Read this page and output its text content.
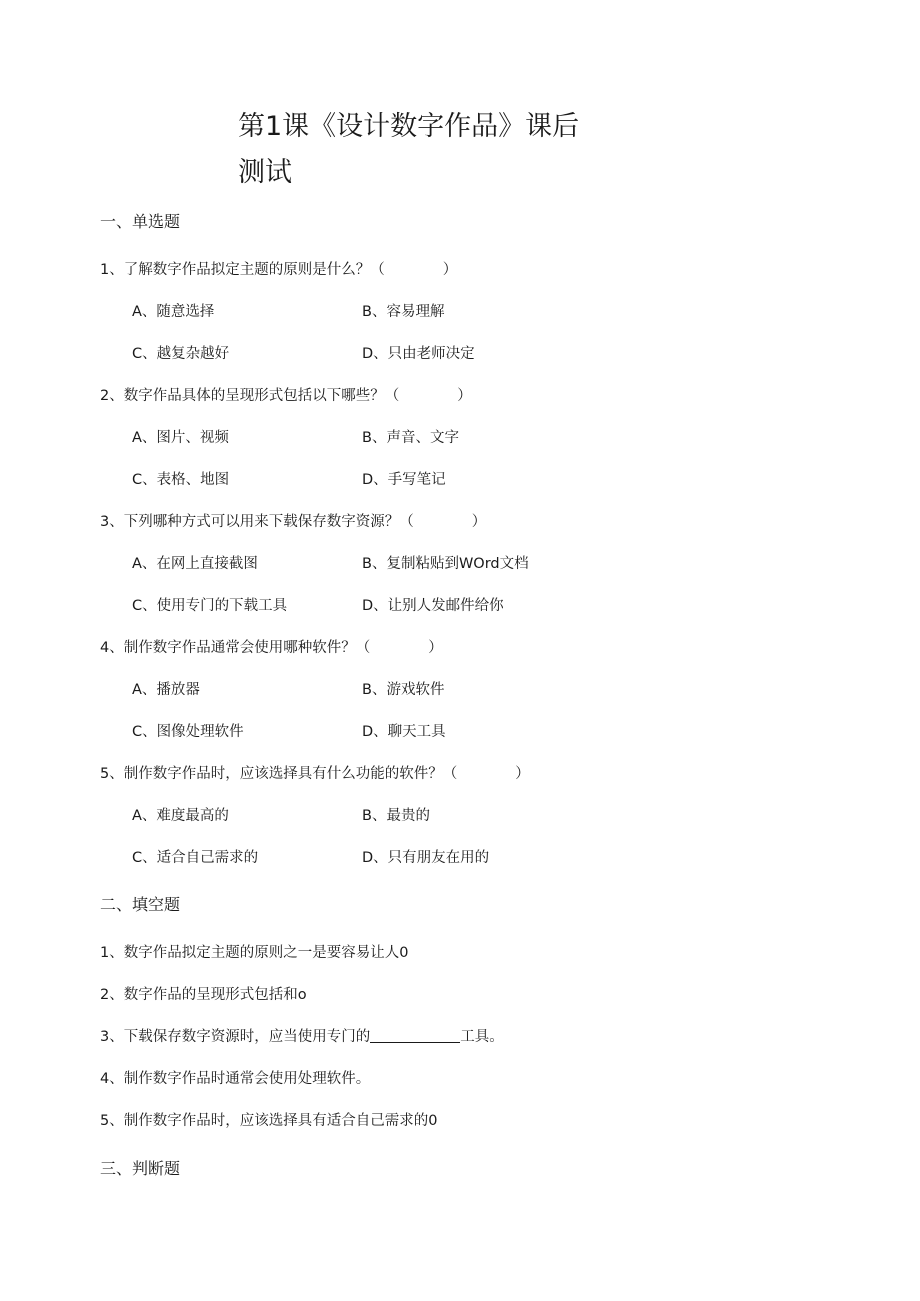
第1课《设计数字作品》课后
测试
一、单选题
1、了解数字作品拟定主题的原则是什么？（　　　　）
A、随意选择	B、容易理解
C、越复杂越好	D、只由老师决定
2、数字作品具体的呈现形式包括以下哪些？（　　　　）
A、图片、视频	B、声音、文字
C、表格、地图	D、手写笔记
3、下列哪种方式可以用来下载保存数字资源？（　　　　）
A、在网上直接截图	B、复制粘贴到WOrd文档
C、使用专门的下载工具	D、让别人发邮件给你
4、制作数字作品通常会使用哪种软件？（　　　　）
A、播放器	B、游戏软件
C、图像处理软件	D、聊天工具
5、制作数字作品时，应该选择具有什么功能的软件？（　　　　）
A、难度最高的	B、最贵的
C、适合自己需求的	D、只有朋友在用的
二、填空题
1、数字作品拟定主题的原则之一是要容易让人0
2、数字作品的呈现形式包括和o
3、下载保存数字资源时，应当使用专门的	工具。
4、制作数字作品时通常会使用处理软件。
5、制作数字作品时，应该选择具有适合自己需求的0
三、判断题
